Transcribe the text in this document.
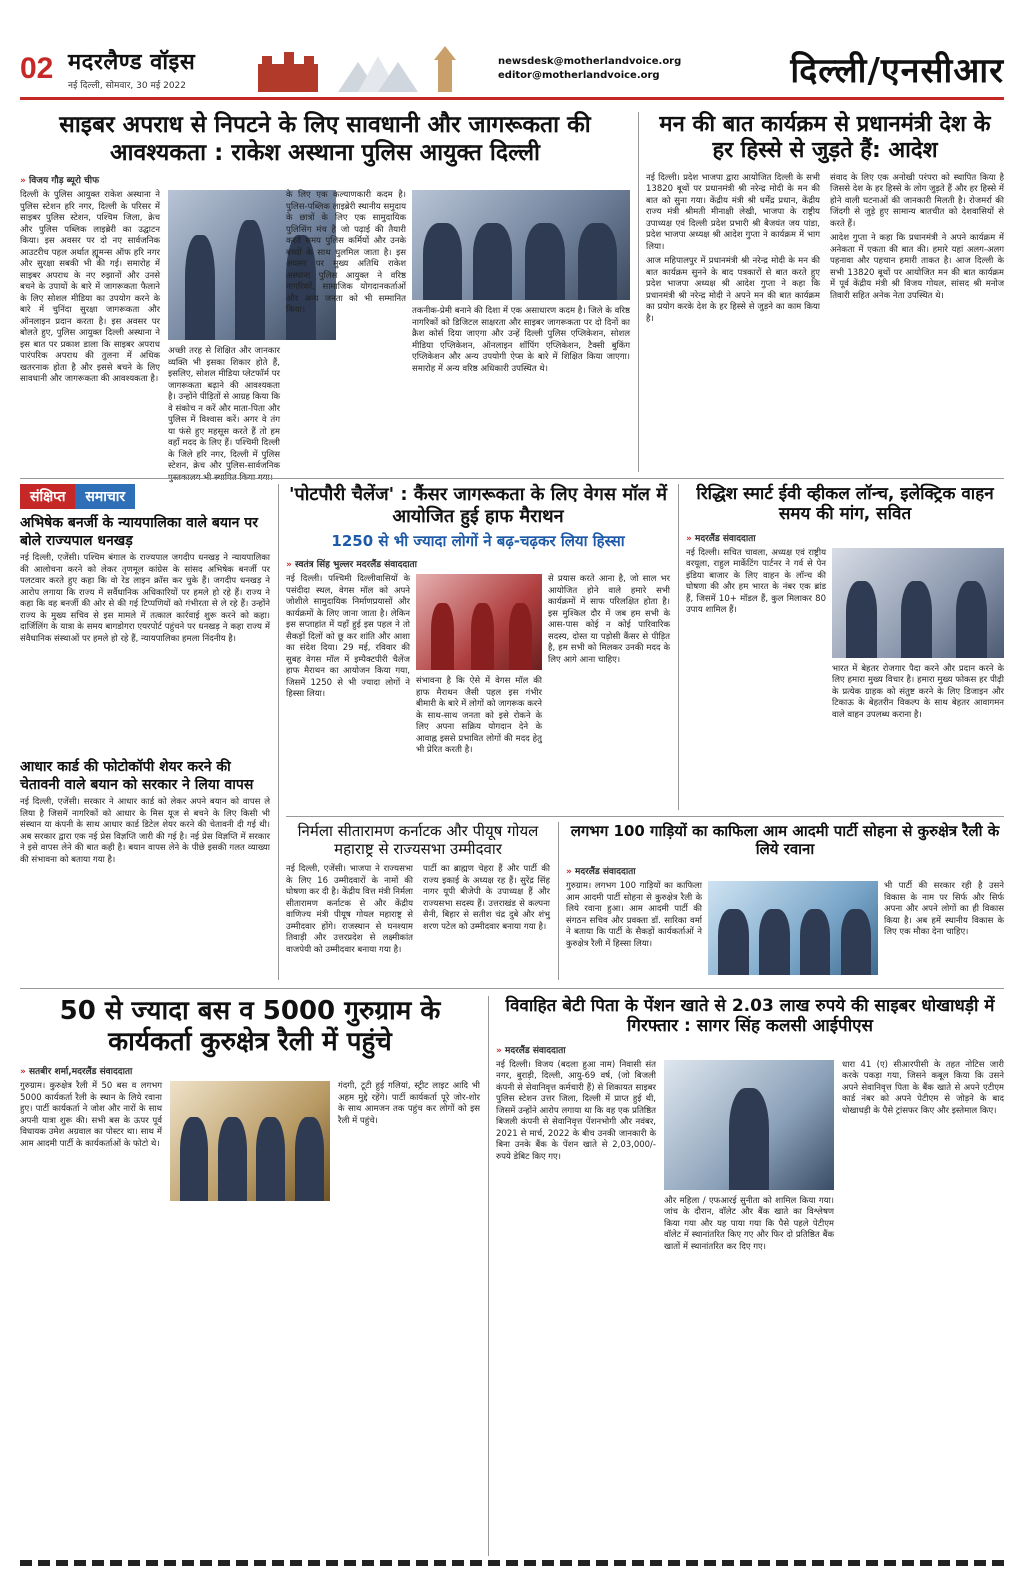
02 मदरलैण्ड वॉइस
नई दिल्ली, सोमवार, 30 मई 2022
newsdesk@motherlandvoice.org
editor@motherlandvoice.org	दिल्ली/एनसीआर
साइबर अपराध से निपटने के लिए सावधानी और जागरूकता की आवश्यकता : राकेश अस्थाना पुलिस आयुक्त दिल्ली
» विजय गौड़ ब्यूरो चीफ
दिल्ली के पुलिस आयुक्त राकेश अस्थाना ने पुलिस स्टेशन हरि नगर, दिल्ली के परिसर में साइबर पुलिस स्टेशन, पश्चिम जिला, क्रेच और पुलिस पब्लिक लाइब्रेरी का उद्घाटन किया। इस अवसर पर दो नए सार्वजनिक आउटरीच पहल अर्थात ह्यूमन्स ऑफ हरि नगर और सुरक्षा सबकी भी की गई। समारोह में साइबर अपराध के नए रुझानों और उनसे बचने के उपायों के बारे में जागरूकता फैलाने के लिए सोशल मीडिया का उपयोग करने के बारे में चुनिंदा सुरक्षा जागरूकता और ऑनलाइन प्रदान करता है। इस अवसर पर बोलते हुए, पुलिस आयुक्त दिल्ली अस्थाना ने इस बात पर प्रकाश डाला कि साइबर अपराध पारंपरिक अपराध की तुलना में अधिक खतरनाक होता है और इससे बचने के लिए सावधानी और जागरूकता की आवश्यकता है।
अच्छी तरह से शिक्षित और जानकार व्यक्ति भी इसका शिकार होते हैं, इसलिए, सोशल मीडिया प्लेटफॉर्म पर जागरूकता बढ़ाने की आवश्यकता है। उन्होंने पीड़ितों से आग्रह किया कि वे संकोच न करें और माता-पिता और पुलिस में विश्वास करें। अगर वे तंग या फंसे हुए महसूस करते हैं तो हम वहाँ मदद के लिए हैं। पश्चिमी दिल्ली के जिले हरि नगर, दिल्ली में पुलिस स्टेशन, क्रेच और पुलिस-सार्वजनिक
के लिए एक कल्याणकारी कदम है। पुलिस-पब्लिक लाइब्रेरी स्थानीय समुदाय के छात्रों के लिए एक सामुदायिक पुलिसिंग मंच है जो पढ़ाई की तैयारी करते समय पुलिस कर्मियों और उनके बच्चों के साथ घुलमिल जाता है। इस अवसर पर मुख्य अतिथि राकेश अस्थाना पुलिस आयुक्त ने वरिष्ठ नागरिकों, सामाजिक योगदानकर्ताओं और अन्य जनता को भी सम्मानित किया।	तकनीक-प्रेमी बनाने की दिशा में एक असाधारण कदम है। जिले के वरिष्ठ नागरिकों को डिजिटल साक्षरता और साइबर जागरूकता पर दो दिनों का क्रैश कोर्स दिया जाएगा और उन्हें दिल्ली पुलिस एप्लिकेशन, सोशल मीडिया एप्लिकेशन, ऑनलाइन शॉपिंग एप्लिकेशन, टैक्सी बुकिंग एप्लिकेशन और अन्य उपयोगी ऐप्स के बारे में शिक्षित किया जाएगा। समारोह में अन्य वरिष्ठ अधिकारी उपस्थित थे।
मन की बात कार्यक्रम से प्रधानमंत्री देश के हर हिस्से से जुड़ते हैं: आदेश

नई दिल्ली। प्रदेश भाजपा द्वारा आयोजित दिल्ली के सभी 13820 बूथों पर प्रधानमंत्री श्री नरेन्द्र मोदी के मन की बात को सुना गया। केंद्रीय मंत्री श्री धर्मेंद्र प्रधान, केंद्रीय राज्य मंत्री श्रीमती मीनाक्षी लेखी, भाजपा के राष्ट्रीय उपाध्यक्ष एवं दिल्ली प्रदेश प्रभारी श्री बैजयंत जय पांडा, प्रदेश भाजपा अध्यक्ष श्री आदेश गुप्ता ने कार्यक्रम में भाग लिया।

आज महिपालपुर में प्रधानमंत्री श्री नरेन्द्र मोदी के मन की बात कार्यक्रम सुनने के बाद पत्रकारों से बात करते हुए प्रदेश भाजपा अध्यक्ष श्री आदेश गुप्ता ने कहा कि प्रधानमंत्री श्री नरेन्द्र मोदी ने अपने मन की बात कार्यक्रम का प्रयोग करके देश के हर हिस्से से जुड़ने का काम किया है।

संवाद के लिए एक अनोखी परंपरा को स्थापित किया है जिससे देश के हर हिस्से के लोग जुड़ते हैं और हर हिस्से में होने वाली घटनाओं की जानकारी मिलती है। रोजमर्रा की जिंदगी से जुड़े हुए सामान्य बातचीत को देशवासियों से करते हैं।

आदेश गुप्ता ने कहा कि प्रधानमंत्री ने अपने कार्यक्रम में अनेकता में एकता की बात की। हमारे यहां अलग-अलग पहनावा और पहचान हमारी ताकत है। आज दिल्ली के सभी 13820 बूथों पर आयोजित मन की बात कार्यक्रम में पूर्व केंद्रीय मंत्री श्री विजय गोयल, सांसद श्री मनोज तिवारी सहित अनेक नेता उपस्थित थे।

संक्षिप्त	समाचार
अभिषेक बनर्जी के न्यायपालिका वाले बयान पर बोले राज्यपाल धनखड़
नई दिल्ली, एजेंसी। पश्चिम बंगाल के राज्यपाल जगदीप धनखड़ ने न्यायपालिका की आलोचना करने को लेकर तृणमूल कांग्रेस के सांसद अभिषेक बनर्जी पर पलटवार करते हुए कहा कि वो रेड लाइन क्रॉस कर चुके हैं। जगदीप धनखड़ ने आरोप लगाया कि राज्य में सर्वैधानिक अधिकारियों पर हमले हो रहे हैं। राज्य ने कहा कि वह बनर्जी की ओर से की गई टिप्पणियों को गंभीरता से ले रहे हैं। उन्होंने राज्य के मुख्य सचिव से इस मामले में तत्काल कार्रवाई शुरू करने को कहा। दार्जिलिंग के यात्रा के समय बागडोगरा एयरपोर्ट पहुंचने पर धनखड़ ने कहा राज्य में संवैधानिक संस्थाओं पर हमले हो रहे हैं, न्यायपालिका हमला निंदनीय है।
आधार कार्ड की फोटोकॉपी शेयर करने की चेतावनी वाले बयान को सरकार ने लिया वापस
नई दिल्ली, एजेंसी। सरकार ने आधार कार्ड को लेकर अपने बयान को वापस ले लिया है जिसमें नागरिकों को आधार के मिस यूज से बचने के लिए किसी भी संस्थान या कंपनी के साथ आधार कार्ड डिटेल शेयर करने की चेतावनी दी गई थी। अब सरकार द्वारा एक नई प्रेस विज्ञप्ति जारी की गई है। नई प्रेस विज्ञप्ति में सरकार ने इसे वापस लेने की बात कही है। बयान वापस लेने के पीछे इसकी गलत व्याख्या की संभावना को बताया गया है।
'पोटपौरी चैलेंज' : कैंसर जागरूकता के लिए वेगस मॉल में आयोजित हुई हाफ मैराथन
1250 से भी ज्यादा लोगों ने बढ़-चढ़कर लिया हिस्सा
» स्वतंत्र सिंह भुल्लर मदरलैंड संवाददाता
नई दिल्ली। पश्चिमी दिल्लीवासियों के पसंदीदा स्थल, वेगस मॉल को अपने जोशीले सामुदायिक निर्माणप्रयासों और कार्यक्रमों के लिए जाना जाता है। लेकिन इस सप्ताहांत में यहाँ हुई इस पहल ने तो सैकड़ों दिलों को छू कर शांति और आशा का संदेश दिया। 29 मई, रविवार की सुबह वेगस मॉल में इम्पैक्टपीरी चैलेंज हाफ मैराथन का आयोजन किया गया, जिसमें 1250 से भी ज्यादा लोगों ने हिस्सा लिया।
संभावना है कि ऐसे में वेगस मॉल की हाफ मैराथन जैसी पहल इस गंभीर बीमारी के बारे में लोगों को जागरूक करने के साथ-साथ जनता को इसे रोकने के लिए अपना सक्रिय योगदान देने के आवाह्न इससे प्रभावित लोगों की मदद हेतु भी प्रेरित करती है।
से प्रयास करते आना है, जो साल भर आयोजित होने वाले हमारे सभी कार्यक्रमों में साफ परिलक्षित होता है। इस मुश्किल दौर में जब हम सभी के आस-पास कोई न कोई पारिवारिक सदस्य, दोस्त या पड़ोसी कैंसर से पीड़ित है, हम सभी को मिलकर उनकी मदद के लिए आगे आना चाहिए।
रिद्धिश स्मार्ट ईवी व्हीकल लॉन्च, इलेक्ट्रिक वाहन समय की मांग, सवित
» मदरलैंड संवाददाता
नई दिल्ली। सचित चावला, अध्यक्ष एवं राष्ट्रीय वरयूला, राहुल मार्केटिंग पार्टनर ने गर्व से पेन इंडिया बाजार के लिए वाहन के लॉन्च की घोषणा की और हम भारत के नंबर एक ब्रांड हैं, जिसमें 10+ मॉडल हैं, कुल मिलाकर 80 उपाय शामिल हैं।
भारत में बेहतर रोजगार पैदा करने और प्रदान करने के लिए हमारा मुख्य विचार है। हमारा मुख्य फोकस हर पीढ़ी के प्रत्येक ग्राहक को संतुष्ट करने के लिए डिजाइन और टिकाऊ के बेहतरीन विकल्प के साथ बेहतर आवागमन वाले वाहन उपलब्ध कराना है।
निर्मला सीतारामण कर्नाटक और पीयूष गोयल महाराष्ट्र से राज्यसभा उम्मीदवार
नई दिल्ली, एजेंसी। भाजपा ने राज्यसभा के लिए 16 उम्मीदवारों के नामों की घोषणा कर दी है। केंद्रीय वित्त मंत्री निर्मला सीतारामण कर्नाटक से और केंद्रीय वाणिज्य मंत्री पीयूष गोयल महाराष्ट्र से उम्मीदवार होंगे। राजस्थान से घनश्याम तिवाड़ी और उत्तरप्रदेश से लक्ष्मीकांत वाजपेयी को उम्मीदवार बनाया गया है।
पार्टी का ब्राह्मण चेहरा हैं और पार्टी की राज्य इकाई के अध्यक्ष रह हैं। सुरेंद्र सिंह नागर यूपी बीजेपी के उपाध्यक्ष हैं और राज्यसभा सदस्य हैं। उत्तराखंड से कल्पना सैनी, बिहार से सतीश चंद्र दुबे और शंभु शरण पटेल को उम्मीदवार बनाया गया है।
लगभग 100 गाड़ियों का काफिला आम आदमी पार्टी सोहना से कुरुक्षेत्र रैली के लिये रवाना
» मदरलैंड संवाददाता
गुरुग्राम। लगभग 100 गाड़ियों का काफिला आम आदमी पार्टी सोहना से कुरुक्षेत्र रैली के लिये रवाना हुआ। आम आदमी पार्टी की संगठन सचिव और प्रवक्ता डॉ. सारिका वर्मा ने बताया कि पार्टी के सैकड़ों कार्यकर्ताओं ने कुरुक्षेत्र रैली में हिस्सा लिया।
भी पार्टी की सरकार रही है उसने विकास के नाम पर सिर्फ और सिर्फ अपना और अपने लोगों का ही विकास किया है। अब हमें स्थानीय विकास के लिए एक मौका देना चाहिए।
50 से ज्यादा बस व 5000 गुरुग्राम के कार्यकर्ता कुरुक्षेत्र रैली में पहुंचे
» सतबीर शर्मा,मदरलैंड संवाददाता
गुरुग्राम। कुरुक्षेत्र रैली में 50 बस व लगभग 5000 कार्यकर्ता रैली के स्थान के लिये रवाना हुए। पार्टी कार्यकर्ता ने जोश और नारों के साथ अपनी यात्रा शुरू की। सभी बस के ऊपर पूर्व विधायक उमेश अग्रवाल का पोस्टर था। साथ में आम आदमी पार्टी के कार्यकर्ताओं के फोटो थे।
गंदगी, टूटी हुई गलियां, स्ट्रीट लाइट आदि भी अहम मुद्दे रहेंगे। पार्टी कार्यकर्ता पूरे जोर-शोर के साथ आमजन तक पहुंच कर लोगों को इस रैली में पहुंचे।
विवाहित बेटी पिता के पेंशन खाते से 2.03 लाख रुपये की साइबर धोखाधड़ी में गिरफ्तार : सागर सिंह कलसी आईपीएस
» मदरलैंड संवाददाता
नई दिल्ली। विजय (बदला हुआ नाम) निवासी संत नगर, बुराड़ी, दिल्ली, आयु-69 वर्ष, (जो बिजली कंपनी से सेवानिवृत्त कर्मचारी हैं) से शिकायत साइबर पुलिस स्टेशन उत्तर जिला, दिल्ली में प्राप्त हुई थी, जिसमें उन्होंने आरोप लगाया था कि वह एक प्रतिष्ठित बिजली कंपनी से सेवानिवृत्त पेंशनभोगी और नवंबर, 2021 से मार्च, 2022 के बीच उनकी जानकारी के बिना उनके बैंक के पेंशन खाते से 2,03,000/- रुपये डेबिट किए गए।
और महिला / एफआरई सुनीता को शामिल किया गया। जांच के दौरान, वॉलेट और बैंक खाते का विश्लेषण किया गया और यह पाया गया कि पैसे पहले पेटीएम वॉलेट में स्थानांतरित किए गए और फिर दो प्रतिष्ठित बैंक खातों में स्थानांतरित कर दिए गए।
धारा 41 (ए) सीआरपीसी के तहत नोटिस जारी करके पकड़ा गया, जिसने कबूल किया कि उसने अपने सेवानिवृत्त पिता के बैंक खाते से अपने एटीएम कार्ड नंबर को अपने पेटीएम से जोड़ने के बाद धोखाधड़ी के पैसे ट्रांसफर किए और इस्तेमाल किए।
